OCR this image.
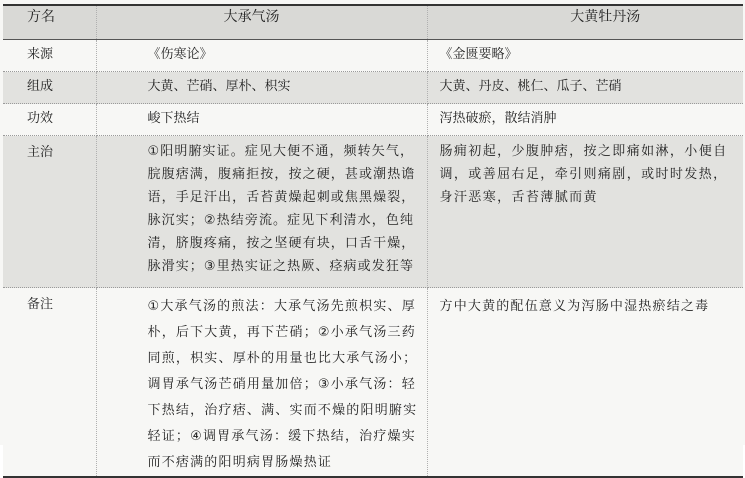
方名	大承气汤	大黄牡丹汤
来源	《伤寒论》	《金匮要略》
组成	大黄、芒硝、厚朴、枳实	大黄、丹皮、桃仁、瓜子、芒硝
功效	峻下热结	泻热破瘀，散结消肿
主治	①阳明腑实证。症见大便不通，频转矢气，脘腹痞满，腹痛拒按，按之硬，甚或潮热谵语，手足汗出，舌苔黄燥起刺或焦黑燥裂，脉沉实；②热结旁流。症见下利清水，色纯清，脐腹疼痛，按之坚硬有块，口舌干燥，脉滑实；③里热实证之热厥、痉病或发狂等	肠痈初起，少腹肿痞，按之即痛如淋，小便自调，或善屈右足，牵引则痛剧，或时时发热，身汗恶寒，舌苔薄腻而黄
备注	①大承气汤的煎法：大承气汤先煎枳实、厚朴，后下大黄，再下芒硝；②小承气汤三药同煎，枳实、厚朴的用量也比大承气汤小；调胃承气汤芒硝用量加倍；③小承气汤：轻下热结，治疗痞、满、实而不燥的阳明腑实轻证；④调胃承气汤：缓下热结，治疗燥实而不痞满的阳明病胃肠燥热证	方中大黄的配伍意义为泻肠中湿热瘀结之毒
